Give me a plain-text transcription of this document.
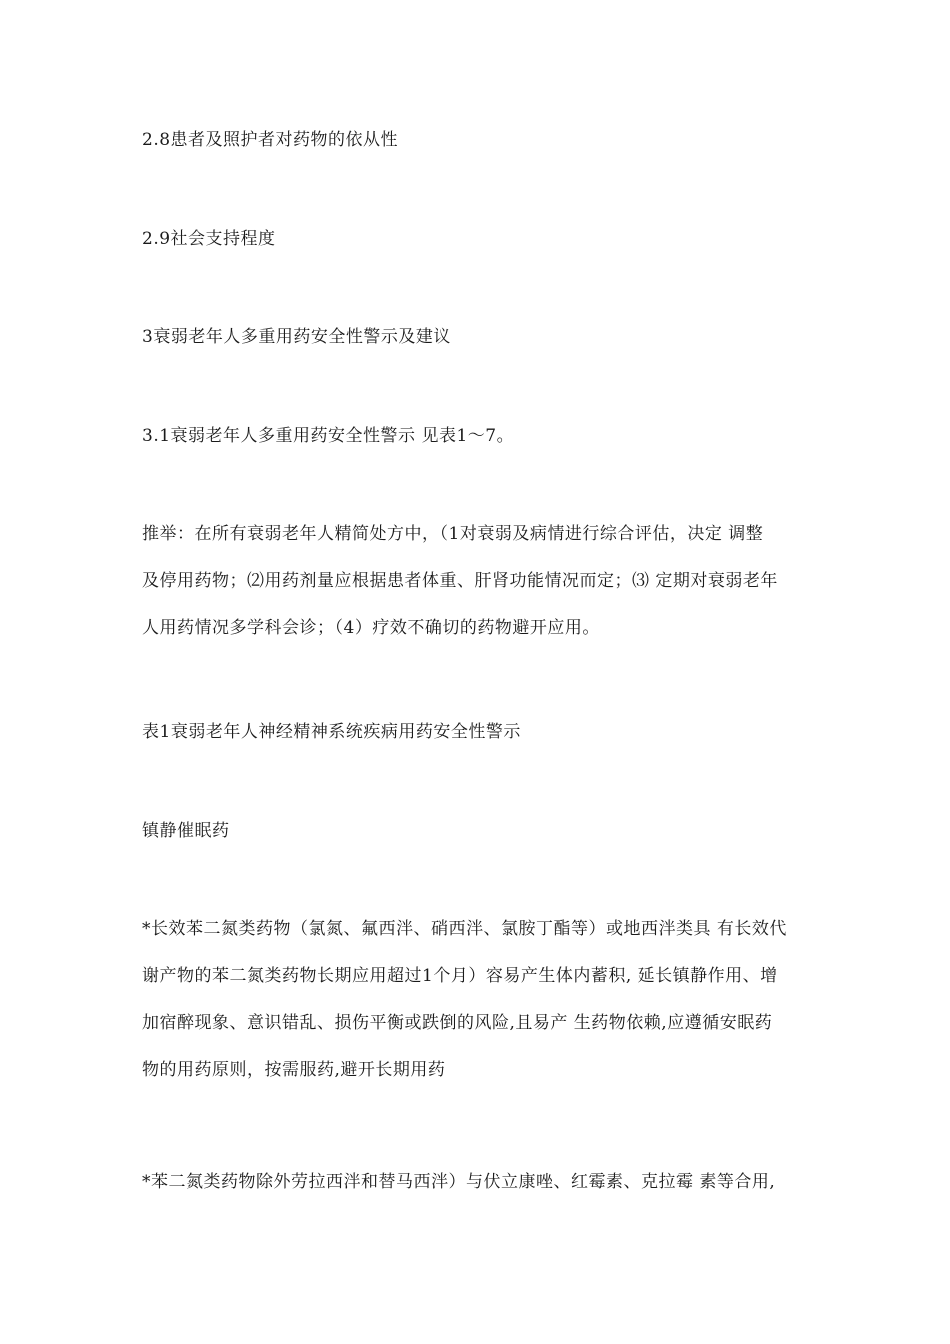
2.8患者及照护者对药物的依从性
2.9社会支持程度
3衰弱老年人多重用药安全性警示及建议
3.1衰弱老年人多重用药安全性警示 见表1〜7。
推举：在所有衰弱老年人精简处方中，（1对衰弱及病情进行综合评估，决定 调整
及停用药物；⑵用药剂量应根据患者体重、肝肾功能情况而定；⑶ 定期对衰弱老年
人用药情况多学科会诊；（4）疗效不确切的药物避开应用。
表1衰弱老年人神经精神系统疾病用药安全性警示
镇静催眠药
*长效苯二氮类药物（氯氮、氟西泮、硝西泮、氯胺丁酯等）或地西泮类具 有长效代
谢产物的苯二氮类药物长期应用超过1个月）容易产生体内蓄积, 延长镇静作用、增
加宿醉现象、意识错乱、损伤平衡或跌倒的风险,且易产 生药物依赖,应遵循安眠药
物的用药原则，按需服药,避开长期用药
*苯二氮类药物除外劳拉西泮和替马西泮）与伏立康唑、红霉素、克拉霉 素等合用,
